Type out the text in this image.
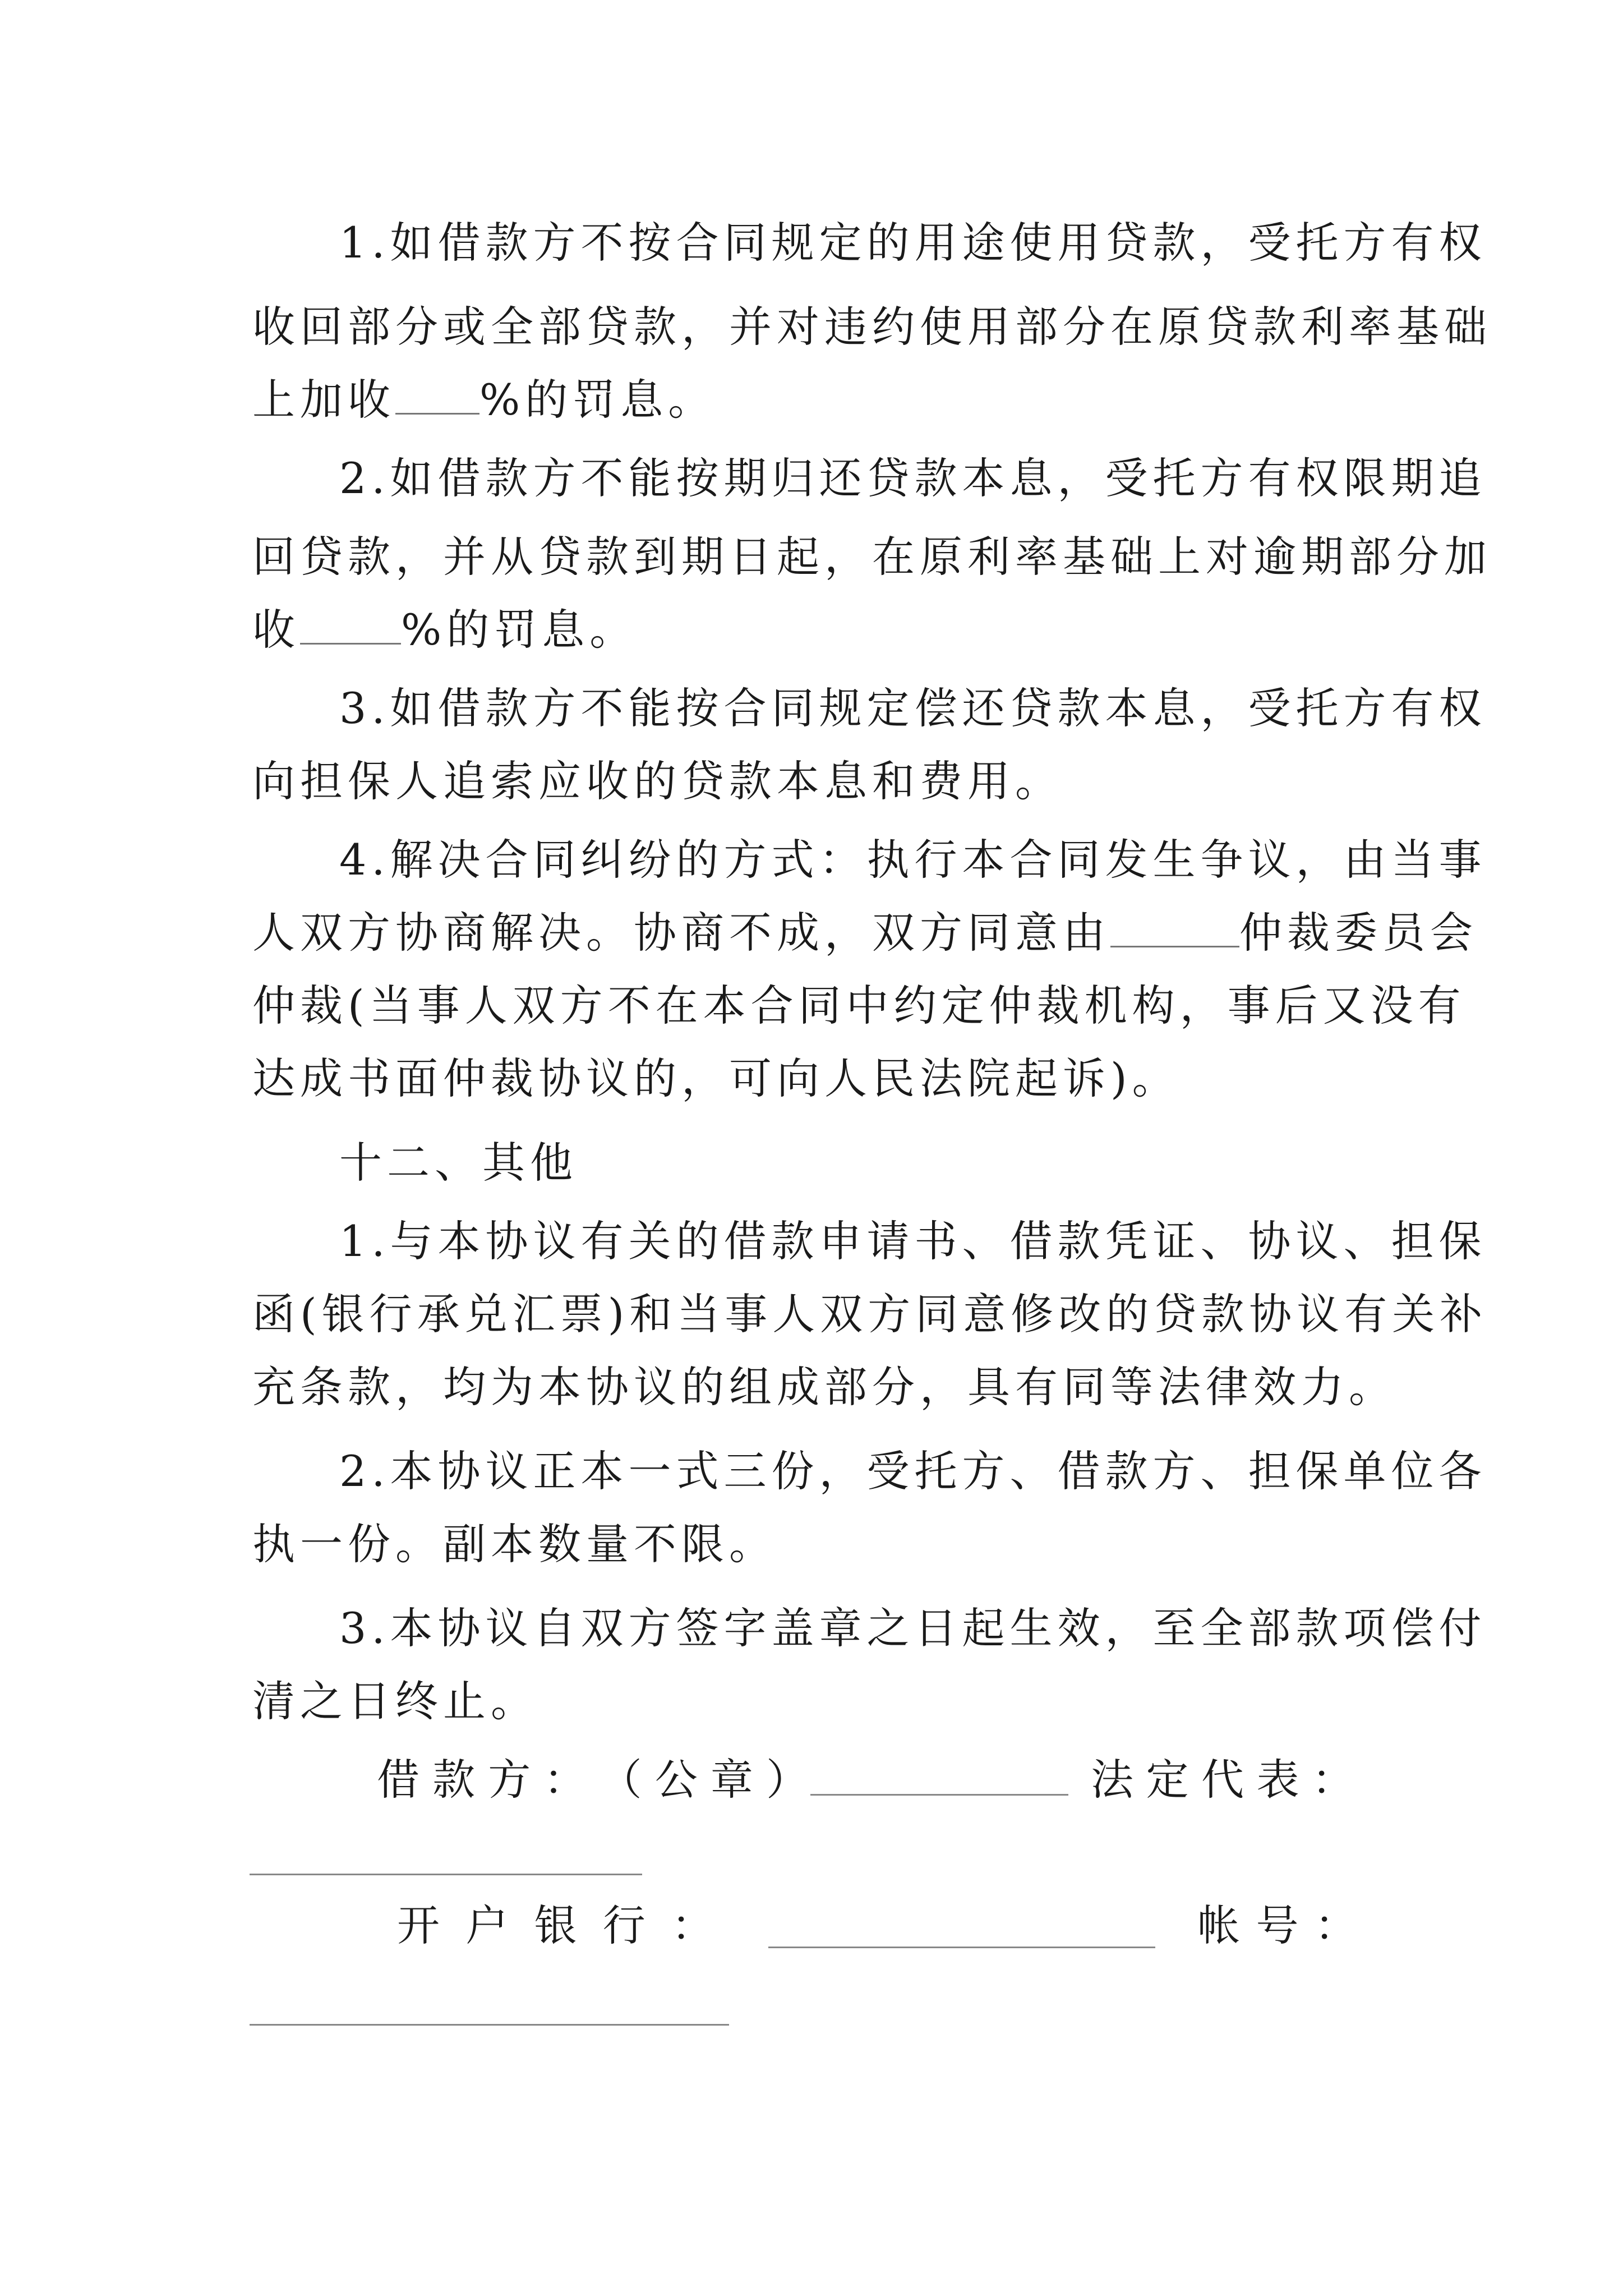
1.如借款方不按合同规定的用途使用贷款，受托方有权
收回部分或全部贷款，并对违约使用部分在原贷款利率基础
上加收 %的罚息。
2.如借款方不能按期归还贷款本息，受托方有权限期追
回贷款，并从贷款到期日起，在原利率基础上对逾期部分加
收 %的罚息。
3.如借款方不能按合同规定偿还贷款本息，受托方有权
向担保人追索应收的贷款本息和费用。
4.解决合同纠纷的方式：执行本合同发生争议，由当事
人双方协商解决。协商不成，双方同意由	仲裁委员会
仲裁(当事人双方不在本合同中约定仲裁机构，事后又没有
达成书面仲裁协议的，可向人民法院起诉)。
十二、其他
1.与本协议有关的借款申请书、借款凭证、协议、担保
函(银行承兑汇票)和当事人双方同意修改的贷款协议有关补
充条款，均为本协议的组成部分，具有同等法律效力。
2.本协议正本一式三份，受托方、借款方、担保单位各
执一份。副本数量不限。
3.本协议自双方签字盖章之日起生效，至全部款项偿付
清之日终止。
借 款 方 ： （ 公 章 ）	法 定 代 表 ：
开 户 银 行 ：	帐 号 ：
